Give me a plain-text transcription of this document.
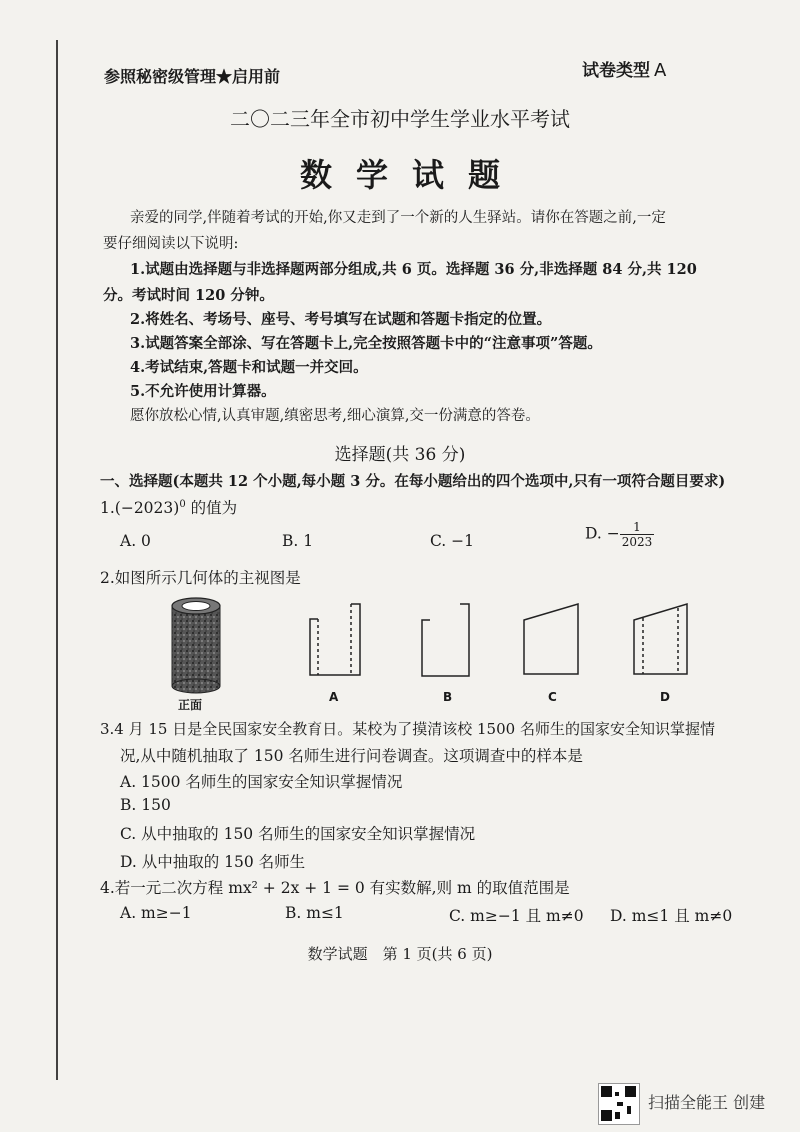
参照秘密级管理★启用前	试卷类型 A
二〇二三年全市初中学生学业水平考试
数学试题
亲爱的同学,伴随着考试的开始,你又走到了一个新的人生驿站。请你在答题之前,一定
要仔细阅读以下说明:
1.试题由选择题与非选择题两部分组成,共 6 页。选择题 36 分,非选择题 84 分,共 120
分。考试时间 120 分钟。
2.将姓名、考场号、座号、考号填写在试题和答题卡指定的位置。
3.试题答案全部涂、写在答题卡上,完全按照答题卡中的“注意事项”答题。
4.考试结束,答题卡和试题一并交回。
5.不允许使用计算器。
愿你放松心情,认真审题,缜密思考,细心演算,交一份满意的答卷。
选择题(共 36 分)
一、选择题(本题共 12 个小题,每小题 3 分。在每小题给出的四个选项中,只有一项符合题目要求)
$1.(-2023)^0$ 的值为
A. 0	B. 1	C. −1	D. − $\frac{1}{2023}$
2.如图所示几何体的主视图是
正面
A	B	C	D
3.4 月 15 日是全民国家安全教育日。某校为了摸清该校 1500 名师生的国家安全知识掌握情
况,从中随机抽取了 150 名师生进行问卷调查。这项调查中的样本是
A. 1500 名师生的国家安全知识掌握情况
B. 150
C. 从中抽取的 150 名师生的国家安全知识掌握情况
D. 从中抽取的 150 名师生
4.若一元二次方程 mx² + 2x + 1 = 0 有实数解,则 m 的取值范围是
A. m≥−1	B. m≤1	C. m≥−1 且 m≠0 D. m≤1 且 m≠0
数学试题　第 1 页(共 6 页)
扫描全能王 创建
